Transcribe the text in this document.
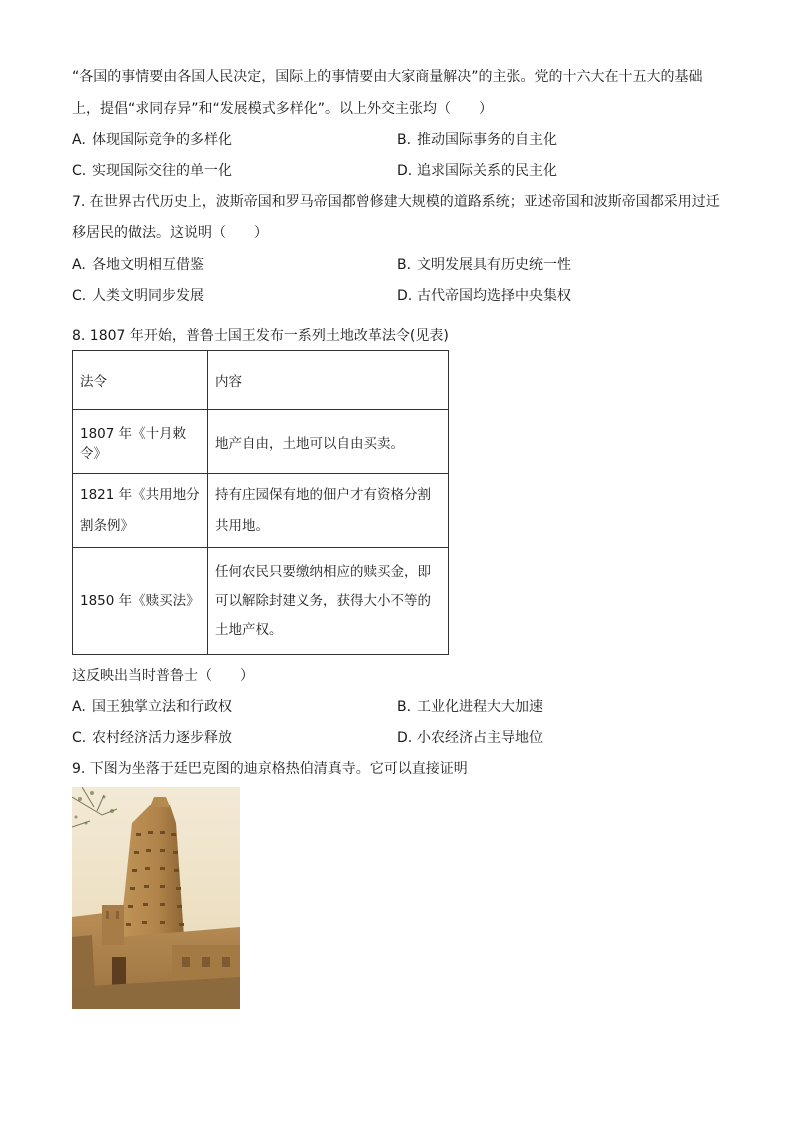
“各国的事情要由各国人民决定，国际上的事情要由大家商量解决”的主张。党的十六大在十五大的基础
上，提倡“求同存异”和“发展模式多样化”。以上外交主张均（　　）
A. 体现国际竞争的多样化	B. 推动国际事务的自主化
C. 实现国际交往的单一化	D. 追求国际关系的民主化
7. 在世界古代历史上，波斯帝国和罗马帝国都曾修建大规模的道路系统；亚述帝国和波斯帝国都采用过迁
移居民的做法。这说明（　　）
A. 各地文明相互借鉴	B. 文明发展具有历史统一性
C. 人类文明同步发展	D. 古代帝国均选择中央集权
8. 1807 年开始，普鲁士国王发布一系列土地改革法令(见表)
法令	内容
1807 年《十月敕令》	地产自由，土地可以自由买卖。
1821 年《共用地分割条例》	持有庄园保有地的佃户才有资格分割共用地。
1850 年《赎买法》	任何农民只要缴纳相应的赎买金，即可以解除封建义务，获得大小不等的土地产权。
这反映出当时普鲁士（　　）
A. 国王独掌立法和行政权	B. 工业化进程大大加速
C. 农村经济活力逐步释放	D. 小农经济占主导地位
9. 下图为坐落于廷巴克图的迪京格热伯清真寺。它可以直接证明
